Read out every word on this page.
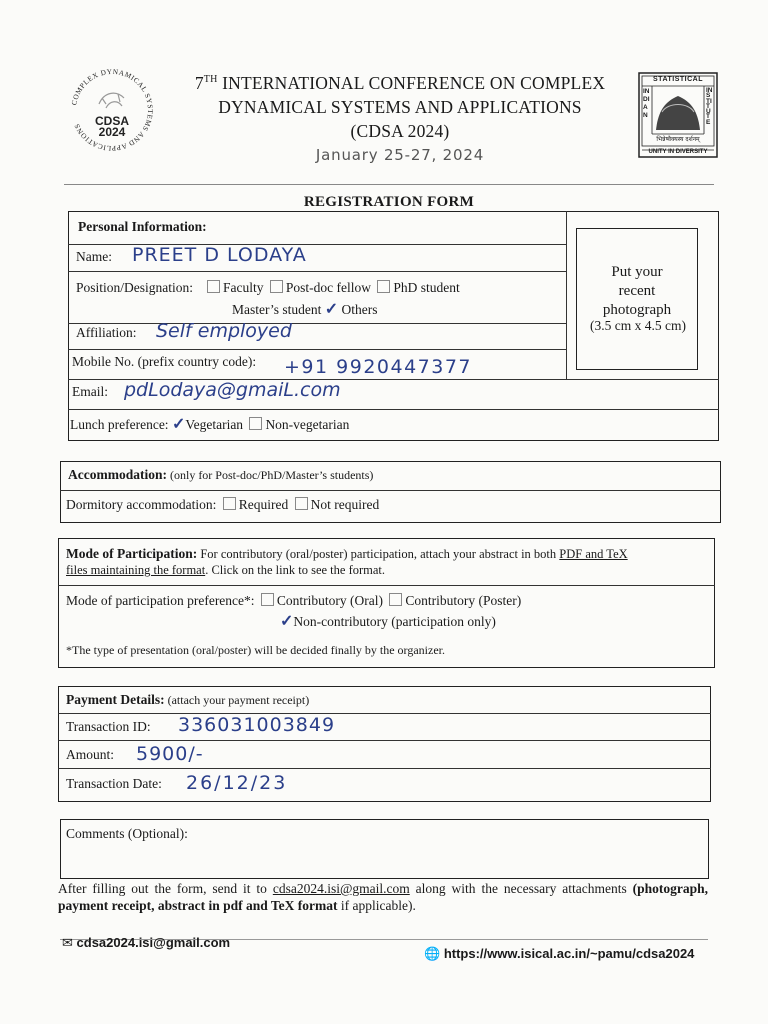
COMPLEX DYNAMICAL SYSTEMS AND APPLICATIONS	CDSA
2024
7TH INTERNATIONAL CONFERENCE ON COMPLEX
DYNAMICAL SYSTEMS AND APPLICATIONS
(CDSA 2024)
January 25-27, 2024
STATISTICAL
INDIAN
INSTITUTE
भिन्नेष्वैक्यस्य दर्शनम्
UNITY IN DIVERSITY
REGISTRATION FORM
Personal Information:
Name: PREET D LODAYA
Position/Designation:	Faculty Post-doc fellow PhD student
Master’s student ✓ Others
Affiliation: Self employed
Mobile No. (prefix country code): +91 9920447377
Email: pdLodaya@gmaiL.com
Lunch preference: ✓Vegetarian Non-vegetarian
Put your
recent
photograph
(3.5 cm x 4.5 cm)
Accommodation: (only for Post-doc/PhD/Master’s students)
Dormitory accommodation: Required Not required
Mode of Participation: For contributory (oral/poster) participation, attach your abstract in both PDF and TeX
files maintaining the format. Click on the link to see the format.
Mode of participation preference*: Contributory (Oral) Contributory (Poster)
✓Non-contributory (participation only)
*The type of presentation (oral/poster) will be decided finally by the organizer.
Payment Details: (attach your payment receipt)
Transaction ID: 336031003849
Amount: 5900/-
Transaction Date: 26/12/23
Comments (Optional):
After filling out the form, send it to cdsa2024.isi@gmail.com along with the necessary attachments (photograph, payment receipt, abstract in pdf and TeX format if applicable).
✉ cdsa2024.isi@gmail.com
🌐 https://www.isical.ac.in/~pamu/cdsa2024
